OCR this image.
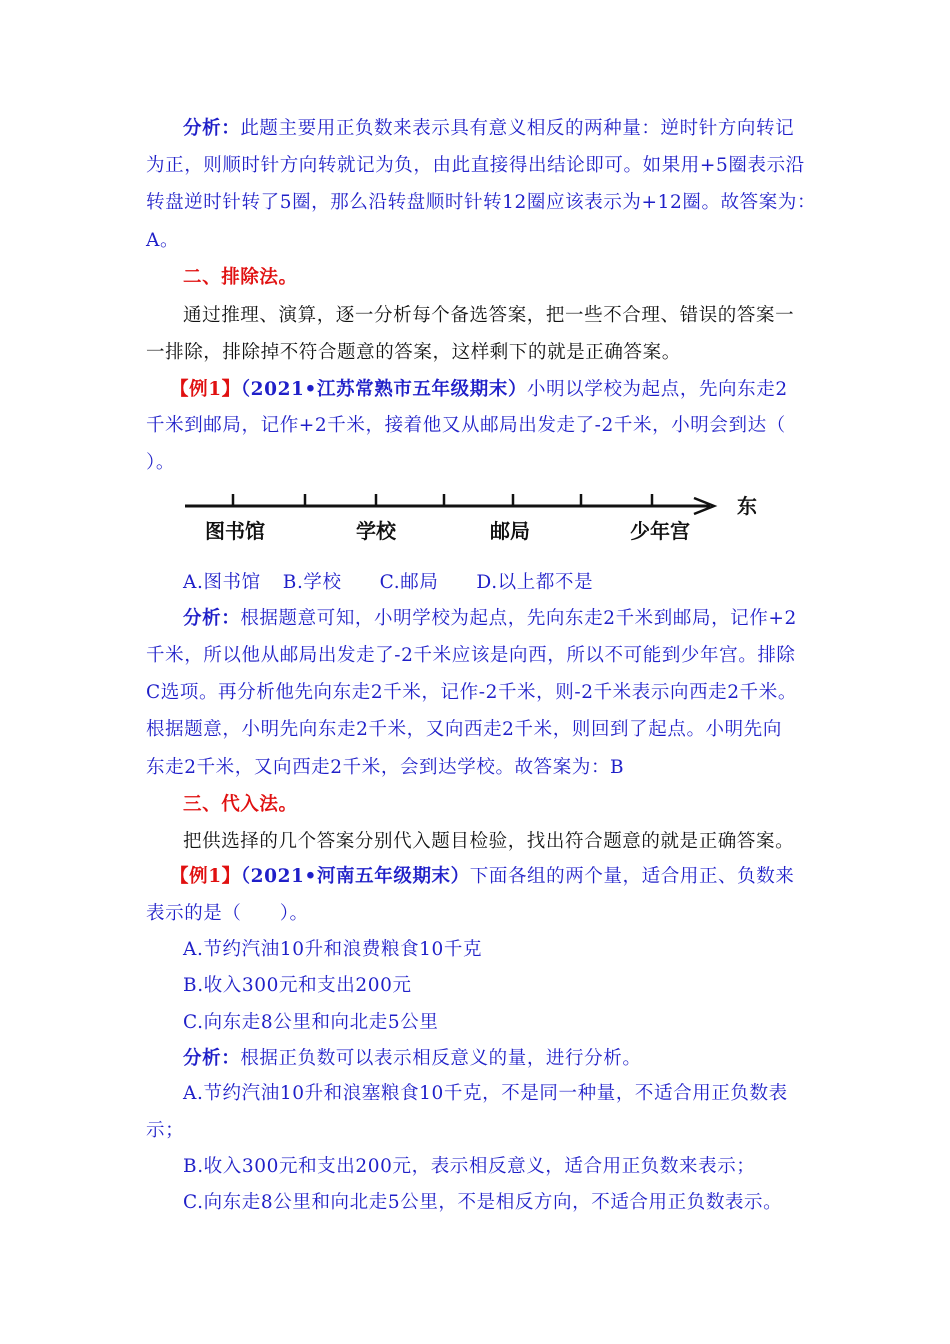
分析：此题主要用正负数来表示具有意义相反的两种量：逆时针方向转记
为正，则顺时针方向转就记为负，由此直接得出结论即可。如果用+5圈表示沿
转盘逆时针转了5圈，那么沿转盘顺时针转12圈应该表示为+12圈。故答案为：
A。
二、排除法。
通过推理、演算，逐一分析每个备选答案，把一些不合理、错误的答案一
一排除，排除掉不符合题意的答案，这样剩下的就是正确答案。
【例1】（2021•江苏常熟市五年级期末）小明以学校为起点，先向东走2
千米到邮局，记作+2千米，接着他又从邮局出发走了-2千米，小明会到达（
）。
东
图书馆	学校	邮局	少年宫
A.图书馆 B.学校 C.邮局 D.以上都不是
分析：根据题意可知，小明学校为起点，先向东走2千米到邮局，记作+2
千米，所以他从邮局出发走了-2千米应该是向西，所以不可能到少年宫。排除
C选项。再分析他先向东走2千米，记作-2千米，则-2千米表示向西走2千米。
根据题意，小明先向东走2千米，又向西走2千米，则回到了起点。小明先向
东走2千米，又向西走2千米，会到达学校。故答案为：B
三、代入法。
把供选择的几个答案分别代入题目检验，找出符合题意的就是正确答案。
【例1】（2021•河南五年级期末）下面各组的两个量，适合用正、负数来
表示的是（　　）。
A.节约汽油10升和浪费粮食10千克
B.收入300元和支出200元
C.向东走8公里和向北走5公里
分析：根据正负数可以表示相反意义的量，进行分析。
A.节约汽油10升和浪塞粮食10千克，不是同一种量，不适合用正负数表
示；
B.收入300元和支出200元，表示相反意义，适合用正负数来表示；
C.向东走8公里和向北走5公里，不是相反方向，不适合用正负数表示。
